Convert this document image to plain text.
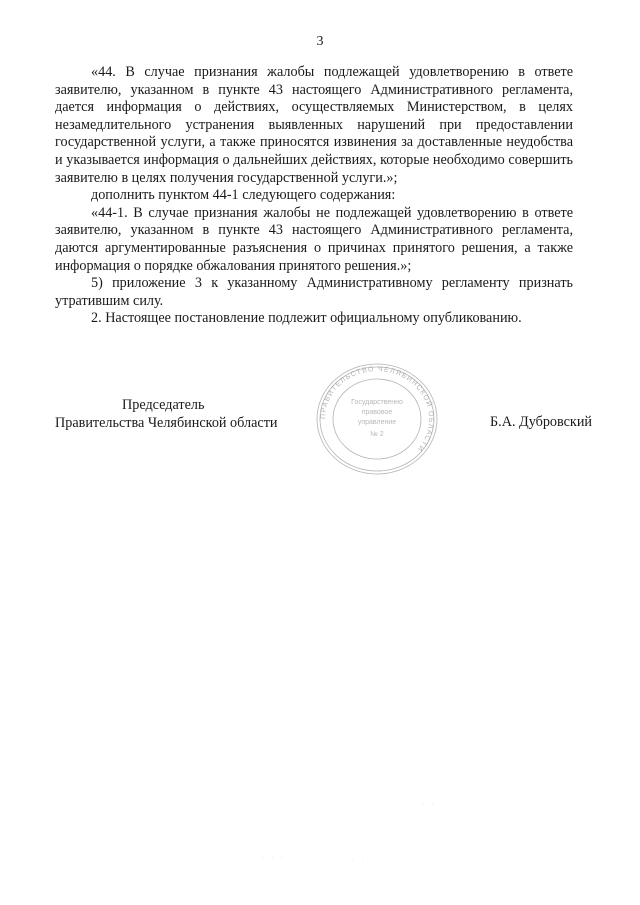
3

«44. В случае признания жалобы подлежащей удовлетворению в ответе заявителю, указанном в пункте 43 настоящего Административного регламента, дается информация о действиях, осуществляемых Министерством, в целях незамедлительного устранения выявленных нарушений при предоставлении государственной услуги, а также приносятся извинения за доставленные неудобства и указывается информация о дальнейших действиях, которые необходимо совершить заявителю в целях получения государственной услуги.»;

дополнить пунктом 44-1 следующего содержания:

«44-1. В случае признания жалобы не подлежащей удовлетворению в ответе заявителю, указанном в пункте 43 настоящего Административного регламента, даются аргументированные разъяснения о причинах принятого решения, а также информация о порядке обжалования принятого решения.»;

5) приложение 3 к указанному Административному регламенту признать утратившим силу.

2. Настоящее постановление подлежит официальному опубликованию.

Председатель
Правительства Челябинской области	Б.А. Дубровский
ПРАВИТЕЛЬСТВО ЧЕЛЯБИНСКОЙ ОБЛАСТИ
Государственно
правовое
управление
№ 2
· ·
· · ·	· ·
